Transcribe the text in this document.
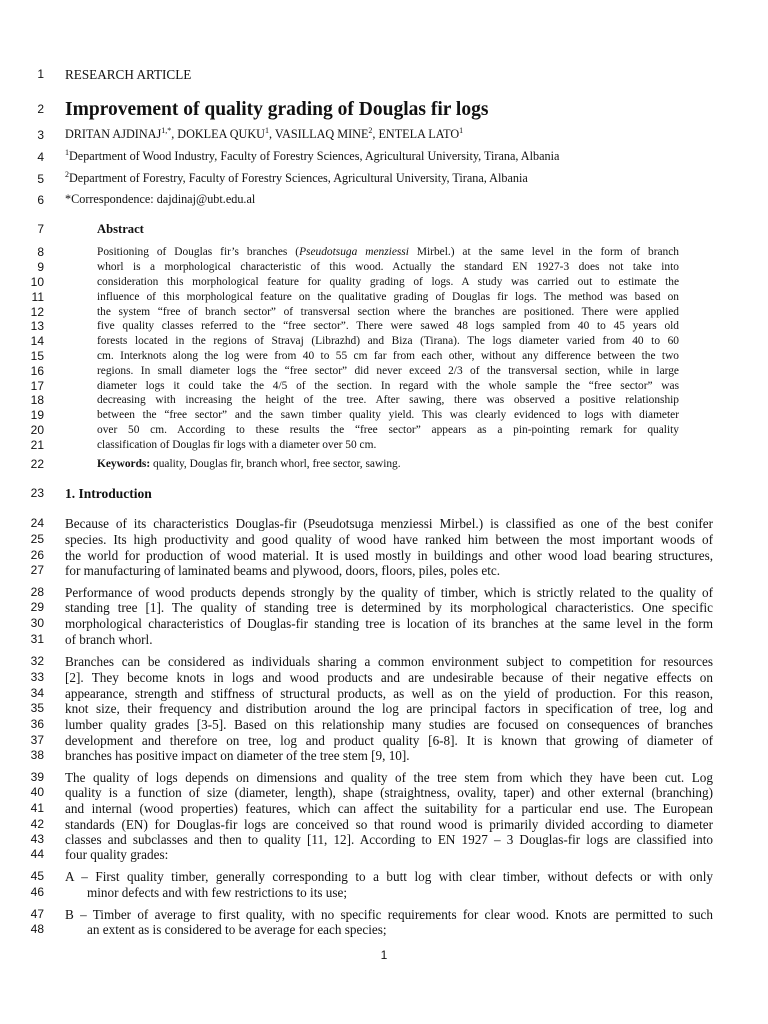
1
2
3
4
5
6
7
8
9
10
11
12
13
14
15
16
17
18
19
20
21
22
23
24
25
26
27
28
29
30
31
32
33
34
35
36
37
38
39
40
41
42
43
44
45
46
47
48
RESEARCH ARTICLE
Improvement of quality grading of Douglas fir logs
DRITAN $AJDINAJ^{1,*}$, DOKLEA QUKU$^1$, VASILLAQ MINE$^2$, ENTELA LATO$^1$
$^1$Department of Wood Industry, Faculty of Forestry Sciences, Agricultural University, Tirana, Albania
$^2$Department of Forestry, Faculty of Forestry Sciences, Agricultural University, Tirana, Albania
*Correspondence: dajdinaj@ubt.edu.al
Abstract
Positioning of Douglas fir’s branches (Pseudotsuga menziessi Mirbel.) at the same level in the form of branch
whorl is a morphological characteristic of this wood. Actually the standard EN 1927-3 does not take into
consideration this morphological feature for quality grading of logs. A study was carried out to estimate the
influence of this morphological feature on the qualitative grading of Douglas fir logs. The method was based on
the system “free of branch sector” of transversal section where the branches are positioned. There were applied
five quality classes referred to the “free sector”. There were sawed 48 logs sampled from 40 to 45 years old
forests located in the regions of Stravaj (Librazhd) and Biza (Tirana). The logs diameter varied from 40 to 60
cm. Interknots along the log were from 40 to 55 cm far from each other, without any difference between the two
regions. In small diameter logs the “free sector” did never exceed 2/3 of the transversal section, while in large
diameter logs it could take the 4/5 of the section. In regard with the whole sample the “free sector” was
decreasing with increasing the height of the tree. After sawing, there was observed a positive relationship
between the “free sector” and the sawn timber quality yield. This was clearly evidenced to logs with diameter
over 50 cm. According to these results the “free sector” appears as a pin-pointing remark for quality
classification of Douglas fir logs with a diameter over 50 cm.
Keywords: quality, Douglas fir, branch whorl, free sector, sawing.
1. Introduction
Because of its characteristics Douglas-fir (Pseudotsuga menziessi Mirbel.) is classified as one of the best conifer
species. Its high productivity and good quality of wood have ranked him between the most important woods of
the world for production of wood material. It is used mostly in buildings and other wood load bearing structures,
for manufacturing of laminated beams and plywood, doors, floors, piles, poles etc.
Performance of wood products depends strongly by the quality of timber, which is strictly related to the quality of
standing tree [1]. The quality of standing tree is determined by its morphological characteristics. One specific
morphological characteristics of Douglas-fir standing tree is location of its branches at the same level in the form
of branch whorl.
Branches can be considered as individuals sharing a common environment subject to competition for resources
[2]. They become knots in logs and wood products and are undesirable because of their negative effects on
appearance, strength and stiffness of structural products, as well as on the yield of production. For this reason,
knot size, their frequency and distribution around the log are principal factors in specification of tree, log and
lumber quality grades [3-5]. Based on this relationship many studies are focused on consequences of branches
development and therefore on tree, log and product quality [6-8]. It is known that growing of diameter of
branches has positive impact on diameter of the tree stem [9, 10].
The quality of logs depends on dimensions and quality of the tree stem from which they have been cut. Log
quality is a function of size (diameter, length), shape (straightness, ovality, taper) and other external (branching)
and internal (wood properties) features, which can affect the suitability for a particular end use. The European
standards (EN) for Douglas-fir logs are conceived so that round wood is primarily divided according to diameter
classes and subclasses and then to quality [11, 12]. According to EN 1927 – 3 Douglas-fir logs are classified into
four quality grades:
A – First quality timber, generally corresponding to a butt log with clear timber, without defects or with only
minor defects and with few restrictions to its use;
B – Timber of average to first quality, with no specific requirements for clear wood. Knots are permitted to such
an extent as is considered to be average for each species;
1
